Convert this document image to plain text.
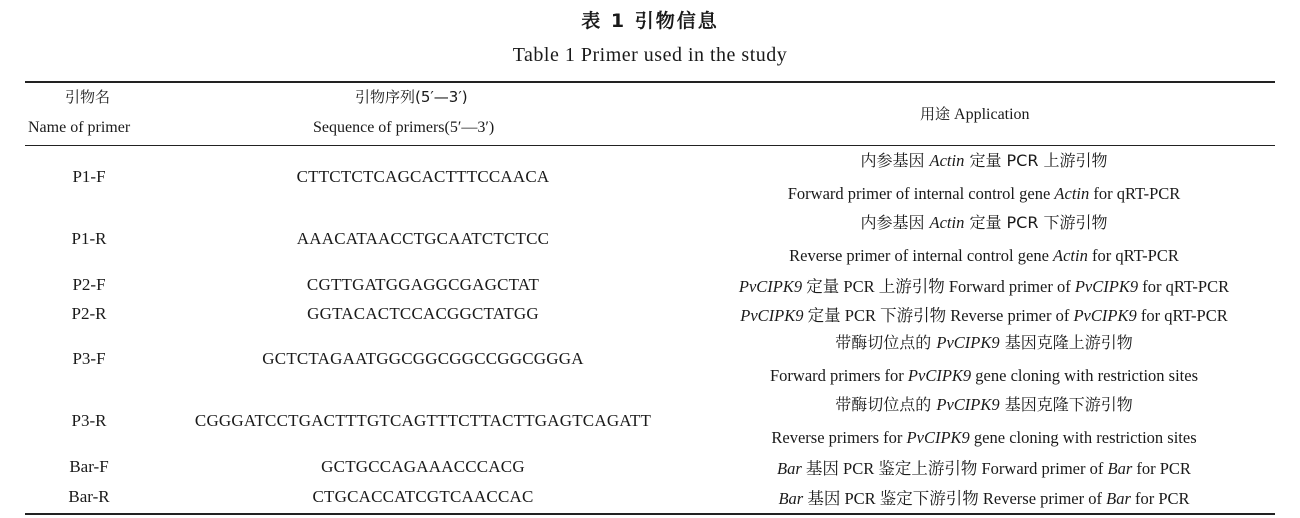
表 1 引物信息
Table 1 Primer used in the study
引物名
Name of primer
引物序列(5′—3′)
Sequence of primers(5′—3′)
用途 Application
P1-F	CTTCTCTCAGCACTTTCCAACA
内参基因 Actin 定量 PCR 上游引物
Forward primer of internal control gene Actin for qRT-PCR
P1-R	AAACATAACCTGCAATCTCTCC
内参基因 Actin 定量 PCR 下游引物
Reverse primer of internal control gene Actin for qRT-PCR
P2-F	CGTTGATGGAGGCGAGCTAT	PvCIPK9 定量 PCR 上游引物 Forward primer of PvCIPK9 for qRT-PCR
P2-R	GGTACACTCCACGGCTATGG	PvCIPK9 定量 PCR 下游引物 Reverse primer of PvCIPK9 for qRT-PCR
P3-F	GCTCTAGAATGGCGGCGGCCGGCGGGA
带酶切位点的 PvCIPK9 基因克隆上游引物
Forward primers for PvCIPK9 gene cloning with restriction sites
P3-R	CGGGATCCTGACTTTGTCAGTTTCTTACTTGAGTCAGATT
带酶切位点的 PvCIPK9 基因克隆下游引物
Reverse primers for PvCIPK9 gene cloning with restriction sites
Bar-F	GCTGCCAGAAACCCACG	Bar 基因 PCR 鉴定上游引物 Forward primer of Bar for PCR
Bar-R	CTGCACCATCGTCAACCAC	Bar 基因 PCR 鉴定下游引物 Reverse primer of Bar for PCR
